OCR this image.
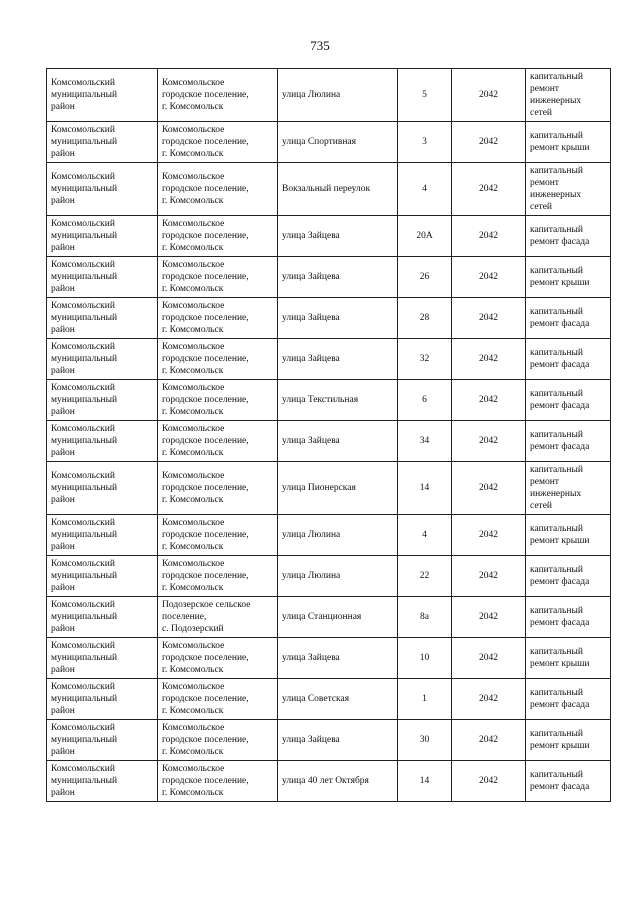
735
Комсомольский
муниципальный
район	Комсомольское
городское поселение,
г. Комсомольск	улица Люлина	5	2042	капитальный
ремонт
инженерных
сетей
Комсомольский
муниципальный
район	Комсомольское
городское поселение,
г. Комсомольск	улица Спортивная	3	2042	капитальный
ремонт крыши
Комсомольский
муниципальный
район	Комсомольское
городское поселение,
г. Комсомольск	Вокзальный переулок	4	2042	капитальный
ремонт
инженерных
сетей
Комсомольский
муниципальный
район	Комсомольское
городское поселение,
г. Комсомольск	улица Зайцева	20А	2042	капитальный
ремонт фасада
Комсомольский
муниципальный
район	Комсомольское
городское поселение,
г. Комсомольск	улица Зайцева	26	2042	капитальный
ремонт крыши
Комсомольский
муниципальный
район	Комсомольское
городское поселение,
г. Комсомольск	улица Зайцева	28	2042	капитальный
ремонт фасада
Комсомольский
муниципальный
район	Комсомольское
городское поселение,
г. Комсомольск	улица Зайцева	32	2042	капитальный
ремонт фасада
Комсомольский
муниципальный
район	Комсомольское
городское поселение,
г. Комсомольск	улица Текстильная	6	2042	капитальный
ремонт фасада
Комсомольский
муниципальный
район	Комсомольское
городское поселение,
г. Комсомольск	улица Зайцева	34	2042	капитальный
ремонт фасада
Комсомольский
муниципальный
район	Комсомольское
городское поселение,
г. Комсомольск	улица Пионерская	14	2042	капитальный
ремонт
инженерных
сетей
Комсомольский
муниципальный
район	Комсомольское
городское поселение,
г. Комсомольск	улица Люлина	4	2042	капитальный
ремонт крыши
Комсомольский
муниципальный
район	Комсомольское
городское поселение,
г. Комсомольск	улица Люлина	22	2042	капитальный
ремонт фасада
Комсомольский
муниципальный
район	Подозерское сельское
поселение,
с. Подозерский	улица Станционная	8а	2042	капитальный
ремонт фасада
Комсомольский
муниципальный
район	Комсомольское
городское поселение,
г. Комсомольск	улица Зайцева	10	2042	капитальный
ремонт крыши
Комсомольский
муниципальный
район	Комсомольское
городское поселение,
г. Комсомольск	улица Советская	1	2042	капитальный
ремонт фасада
Комсомольский
муниципальный
район	Комсомольское
городское поселение,
г. Комсомольск	улица Зайцева	30	2042	капитальный
ремонт крыши
Комсомольский
муниципальный
район	Комсомольское
городское поселение,
г. Комсомольск	улица 40 лет Октября	14	2042	капитальный
ремонт фасада
